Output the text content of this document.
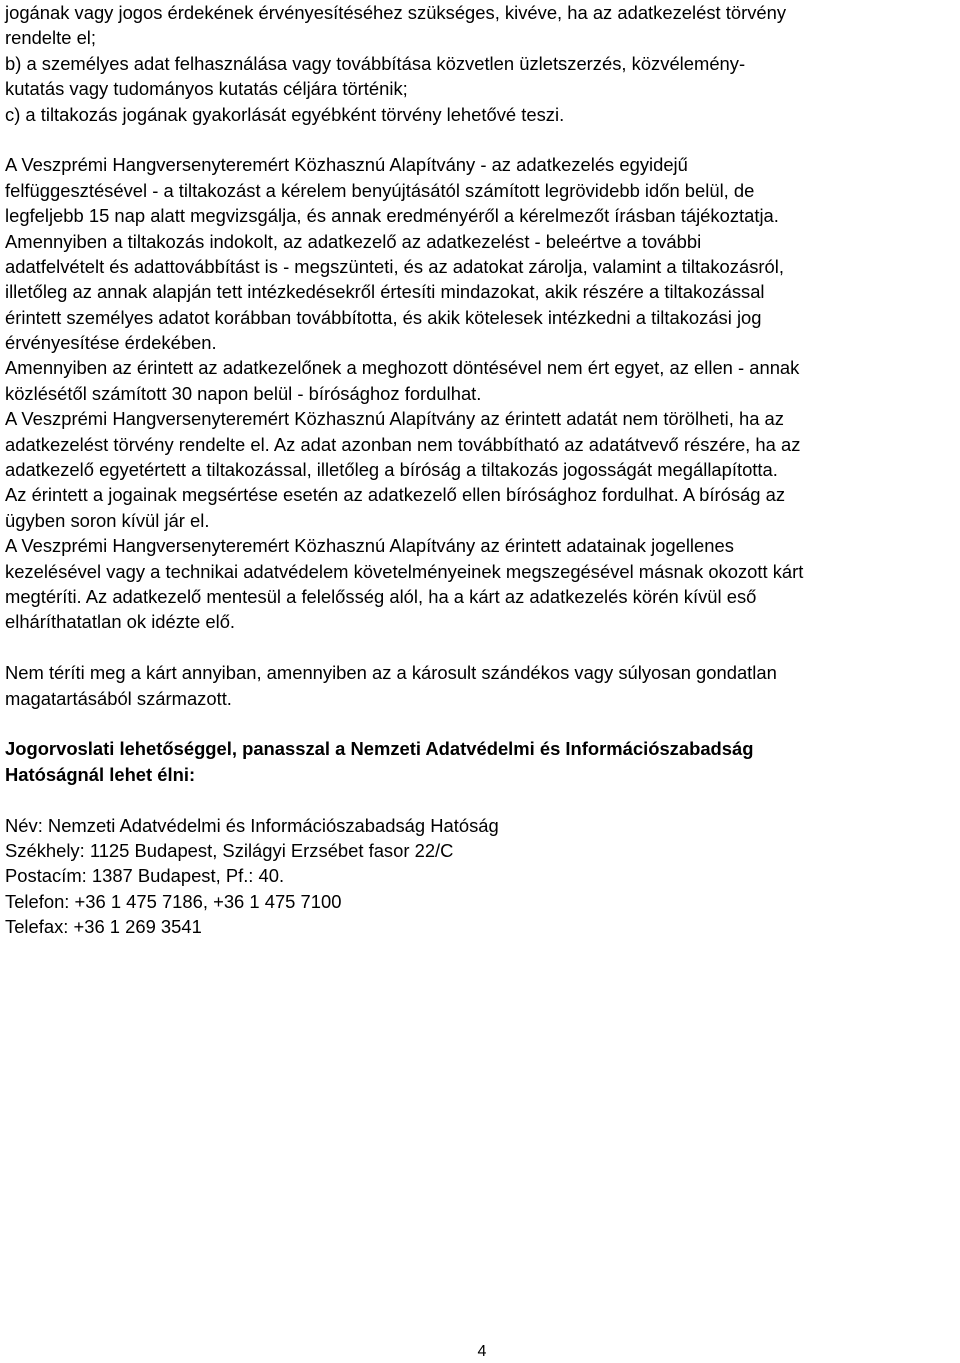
jogának vagy jogos érdekének érvényesítéséhez szükséges, kivéve, ha az adatkezelést törvény
rendelte el;
b) a személyes adat felhasználása vagy továbbítása közvetlen üzletszerzés, közvélemény-
kutatás vagy tudományos kutatás céljára történik;
c) a tiltakozás jogának gyakorlását egyébként törvény lehetővé teszi.
A Veszprémi Hangversenyteremért Közhasznú Alapítvány - az adatkezelés egyidejű
felfüggesztésével - a tiltakozást a kérelem benyújtásától számított legrövidebb időn belül, de
legfeljebb 15 nap alatt megvizsgálja, és annak eredményéről a kérelmezőt írásban tájékoztatja.
Amennyiben a tiltakozás indokolt, az adatkezelő az adatkezelést - beleértve a további
adatfelvételt és adattovábbítást is - megszünteti, és az adatokat zárolja, valamint a tiltakozásról,
illetőleg az annak alapján tett intézkedésekről értesíti mindazokat, akik részére a tiltakozással
érintett személyes adatot korábban továbbította, és akik kötelesek intézkedni a tiltakozási jog
érvényesítése érdekében.
Amennyiben az érintett az adatkezelőnek a meghozott döntésével nem ért egyet, az ellen - annak
közlésétől számított 30 napon belül - bírósághoz fordulhat.
A Veszprémi Hangversenyteremért Közhasznú Alapítvány az érintett adatát nem törölheti, ha az
adatkezelést törvény rendelte el. Az adat azonban nem továbbítható az adatátvevő részére, ha az
adatkezelő egyetértett a tiltakozással, illetőleg a bíróság a tiltakozás jogosságát megállapította.
Az érintett a jogainak megsértése esetén az adatkezelő ellen bírósághoz fordulhat. A bíróság az
ügyben soron kívül jár el.
A Veszprémi Hangversenyteremért Közhasznú Alapítvány az érintett adatainak jogellenes
kezelésével vagy a technikai adatvédelem követelményeinek megszegésével másnak okozott kárt
megtéríti. Az adatkezelő mentesül a felelősség alól, ha a kárt az adatkezelés körén kívül eső
elháríthatatlan ok idézte elő.
Nem téríti meg a kárt annyiban, amennyiben az a károsult szándékos vagy súlyosan gondatlan
magatartásából származott.
Jogorvoslati lehetőséggel, panasszal a Nemzeti Adatvédelmi és Információszabadság
Hatóságnál lehet élni:
Név: Nemzeti Adatvédelmi és Információszabadság Hatóság
Székhely: 1125 Budapest, Szilágyi Erzsébet fasor 22/C
Postacím: 1387 Budapest, Pf.: 40.
Telefon: +36 1 475 7186, +36 1 475 7100
Telefax: +36 1 269 3541
4
